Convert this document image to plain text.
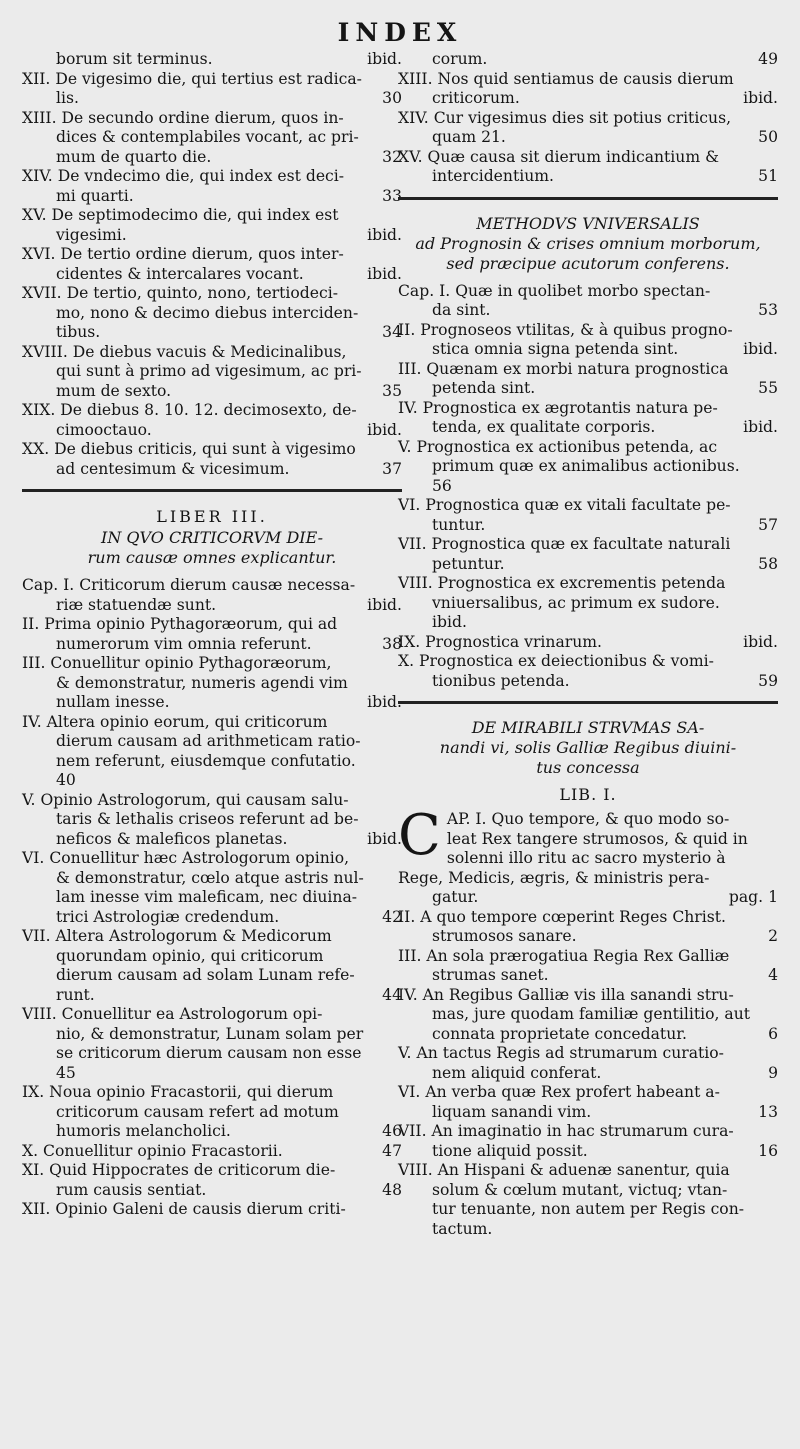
INDEX
borum sit terminus.	ibid.
XII. De vigesimo die, qui tertius est radica-
lis.	30
XIII. De secundo ordine dierum, quos in-
dices & contemplabiles vocant, ac pri-
mum de quarto die.	32
XIV. De vndecimo die, qui index est deci-
mi quarti.	33
XV. De septimodecimo die, qui index est
vigesimi.	ibid.
XVI. De tertio ordine dierum, quos inter-
cidentes & intercalares vocant.	ibid.
XVII. De tertio, quinto, nono, tertiodeci-
mo, nono & decimo diebus interciden-
tibus.	34
XVIII. De diebus vacuis & Medicinalibus,
qui sunt à primo ad vigesimum, ac pri-
mum de sexto.	35
XIX. De diebus 8. 10. 12. decimosexto, de-
cimooctauo.	ibid.
XX. De diebus criticis, qui sunt à vigesimo
ad centesimum & vicesimum.	37
LIBER III.
IN QVO CRITICORVM DIE-
rum causæ omnes explicantur.
Cap. I. Criticorum dierum causæ necessa-
riæ statuendæ sunt.	ibid.
II. Prima opinio Pythagoræorum, qui ad
numerorum vim omnia referunt.	38
III. Conuellitur opinio Pythagoræorum,
& demonstratur, numeris agendi vim
nullam inesse.	ibid.
IV. Altera opinio eorum, qui criticorum
dierum causam ad arithmeticam ratio-
nem referunt, eiusdemque confutatio.
40
V. Opinio Astrologorum, qui causam salu-
taris & lethalis criseos referunt ad be-
neficos & maleficos planetas.	ibid.
VI. Conuellitur hæc Astrologorum opinio,
& demonstratur, cœlo atque astris nul-
lam inesse vim maleficam, nec diuina-
trici Astrologiæ credendum.	42
VII. Altera Astrologorum & Medicorum
quorundam opinio, qui criticorum
dierum causam ad solam Lunam refe-
runt.	44
VIII. Conuellitur ea Astrologorum opi-
nio, & demonstratur, Lunam solam per
se criticorum dierum causam non esse
45
IX. Noua opinio Fracastorii, qui dierum
criticorum causam refert ad motum
humoris melancholici.	46
X. Conuellitur opinio Fracastorii.	47
XI. Quid Hippocrates de criticorum die-
rum causis sentiat.	48
XII. Opinio Galeni de causis dierum criti-
corum.	49
XIII. Nos quid sentiamus de causis dierum
criticorum.	ibid.
XIV. Cur vigesimus dies sit potius criticus,
quam 21.	50
XV. Quæ causa sit dierum indicantium &
intercidentium.	51
METHODVS VNIVERSALIS
ad Prognosin & crises omnium morborum,
sed præcipue acutorum conferens.
Cap. I. Quæ in quolibet morbo spectan-
da sint.	53
II. Prognoseos vtilitas, & à quibus progno-
stica omnia signa petenda sint.	ibid.
III. Quænam ex morbi natura prognostica
petenda sint.	55
IV. Prognostica ex ægrotantis natura pe-
tenda, ex qualitate corporis.	ibid.
V. Prognostica ex actionibus petenda, ac
primum quæ ex animalibus actionibus.
56
VI. Prognostica quæ ex vitali facultate pe-
tuntur.	57
VII. Prognostica quæ ex facultate naturali
petuntur.	58
VIII. Prognostica ex excrementis petenda
vniuersalibus, ac primum ex sudore.
ibid.
IX. Prognostica vrinarum.	ibid.
X. Prognostica ex deiectionibus & vomi-
tionibus petenda.	59
DE MIRABILI STRVMAS SA-
nandi vi, solis Galliæ Regibus diuini-
tus concessa
LIB. I.
C AP. I. Quo tempore, & quo modo so-
leat Rex tangere strumosos, & quid in
solenni illo ritu ac sacro mysterio à
Rege, Medicis, ægris, & ministris pera-
gatur.	pag. 1
II. A quo tempore cœperint Reges Christ.
strumosos sanare.	2
III. An sola prærogatiua Regia Rex Galliæ
strumas sanet.	4
IV. An Regibus Galliæ vis illa sanandi stru-
mas, jure quodam familiæ gentilitio, aut
connata proprietate concedatur.	6
V. An tactus Regis ad strumarum curatio-
nem aliquid conferat.	9
VI. An verba quæ Rex profert habeant a-
liquam sanandi vim.	13
VII. An imaginatio in hac strumarum cura-
tione aliquid possit.	16
VIII. An Hispani & aduenæ sanentur, quia
solum & cœlum mutant, victuq; vtan-
tur tenuante, non autem per Regis con-
tactum.
